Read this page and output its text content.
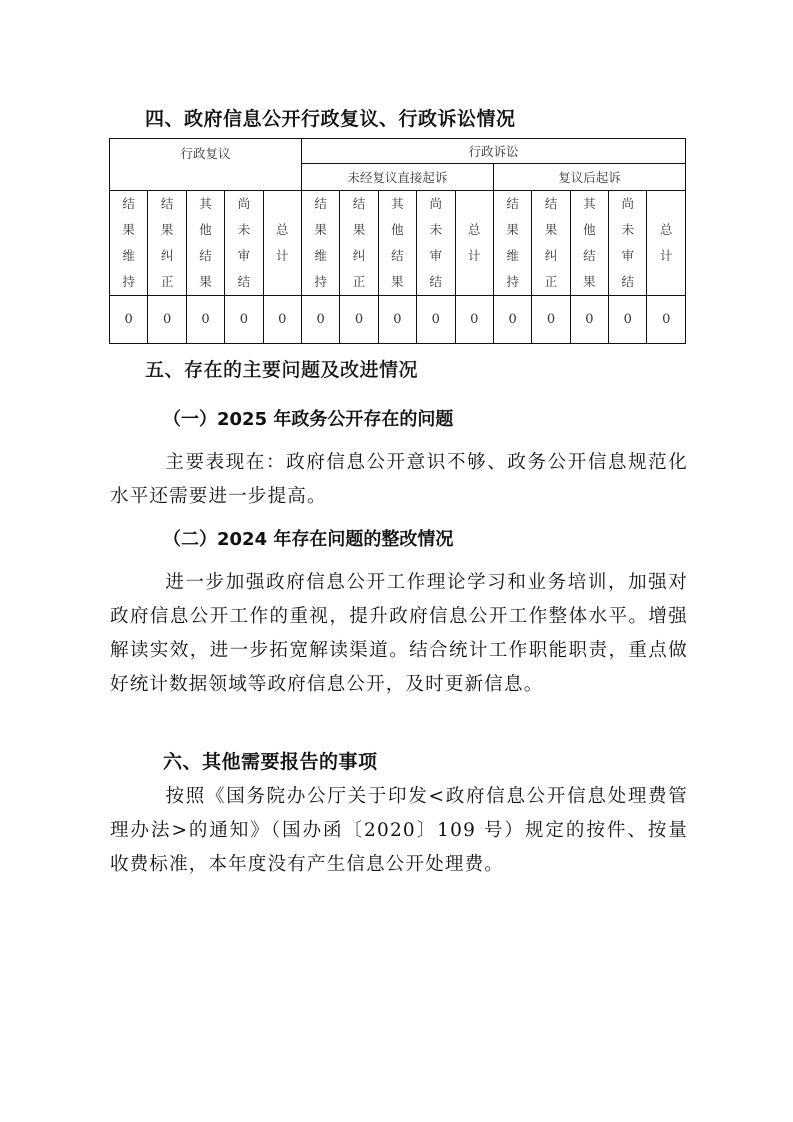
四、政府信息公开行政复议、行政诉讼情况
行政复议					行政诉讼									
					未经复议直接起诉					复议后起诉				
结果维持	结果纠正	其他结果	尚未审结	总计	结果维持	结果纠正	其他结果	尚未审结	总计	结果维持	结果纠正	其他结果	尚未审结	总计
0	0	0	0	0	0	0	0	0	0	0	0	0	0	0
五、存在的主要问题及改进情况
（一）2025 年政务公开存在的问题
主要表现在：政府信息公开意识不够、政务公开信息规范化水平还需要进一步提高。
（二）2024 年存在问题的整改情况
进一步加强政府信息公开工作理论学习和业务培训，加强对政府信息公开工作的重视，提升政府信息公开工作整体水平。增强解读实效，进一步拓宽解读渠道。结合统计工作职能职责，重点做好统计数据领域等政府信息公开，及时更新信息。
六、其他需要报告的事项
按照《国务院办公厅关于印发<政府信息公开信息处理费管理办法>的通知》（国办函〔2020〕109 号）规定的按件、按量收费标准，本年度没有产生信息公开处理费。
